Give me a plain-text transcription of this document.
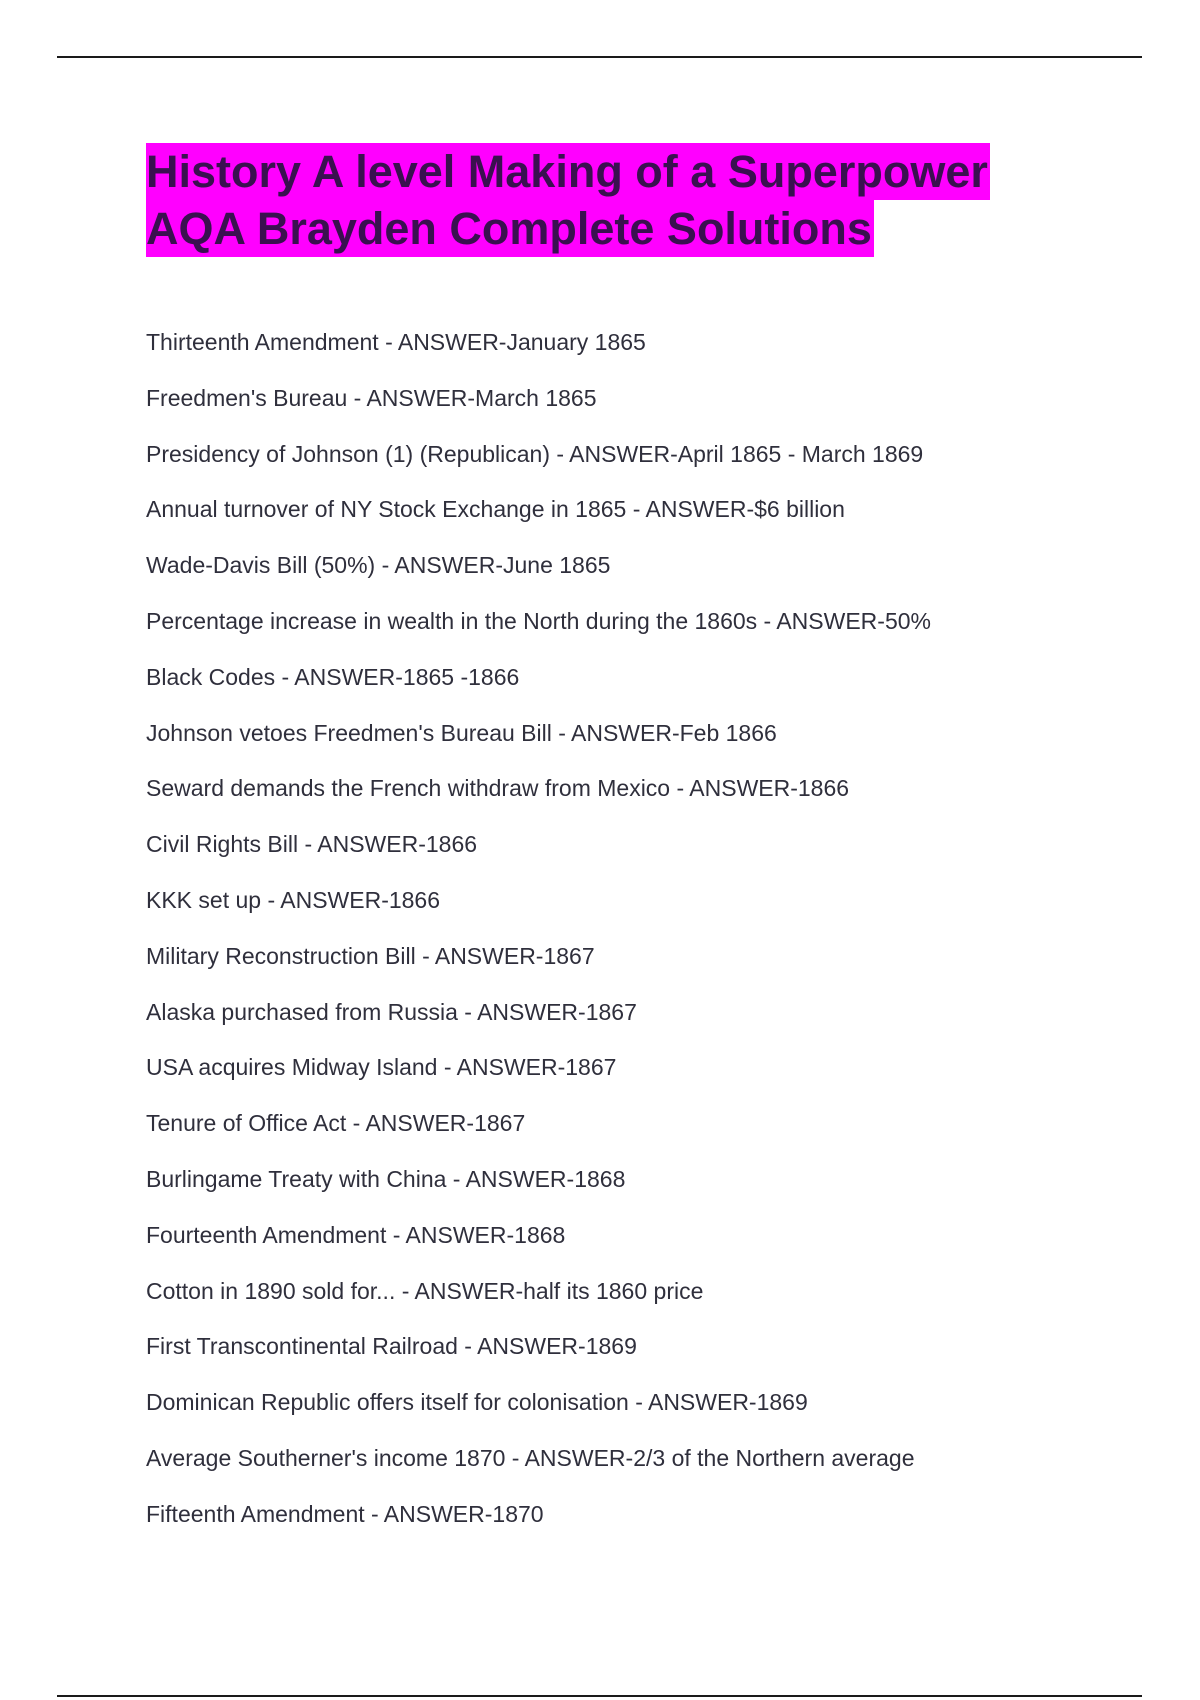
History A level Making of a Superpower
AQA Brayden Complete Solutions
Thirteenth Amendment - ANSWER-January 1865
Freedmen's Bureau - ANSWER-March 1865
Presidency of Johnson (1) (Republican) - ANSWER-April 1865 - March 1869
Annual turnover of NY Stock Exchange in 1865 - ANSWER-$6 billion
Wade-Davis Bill (50%) - ANSWER-June 1865
Percentage increase in wealth in the North during the 1860s - ANSWER-50%
Black Codes - ANSWER-1865 -1866
Johnson vetoes Freedmen's Bureau Bill - ANSWER-Feb 1866
Seward demands the French withdraw from Mexico - ANSWER-1866
Civil Rights Bill - ANSWER-1866
KKK set up - ANSWER-1866
Military Reconstruction Bill - ANSWER-1867
Alaska purchased from Russia - ANSWER-1867
USA acquires Midway Island - ANSWER-1867
Tenure of Office Act - ANSWER-1867
Burlingame Treaty with China - ANSWER-1868
Fourteenth Amendment - ANSWER-1868
Cotton in 1890 sold for... - ANSWER-half its 1860 price
First Transcontinental Railroad - ANSWER-1869
Dominican Republic offers itself for colonisation - ANSWER-1869
Average Southerner's income 1870 - ANSWER-2/3 of the Northern average
Fifteenth Amendment - ANSWER-1870
